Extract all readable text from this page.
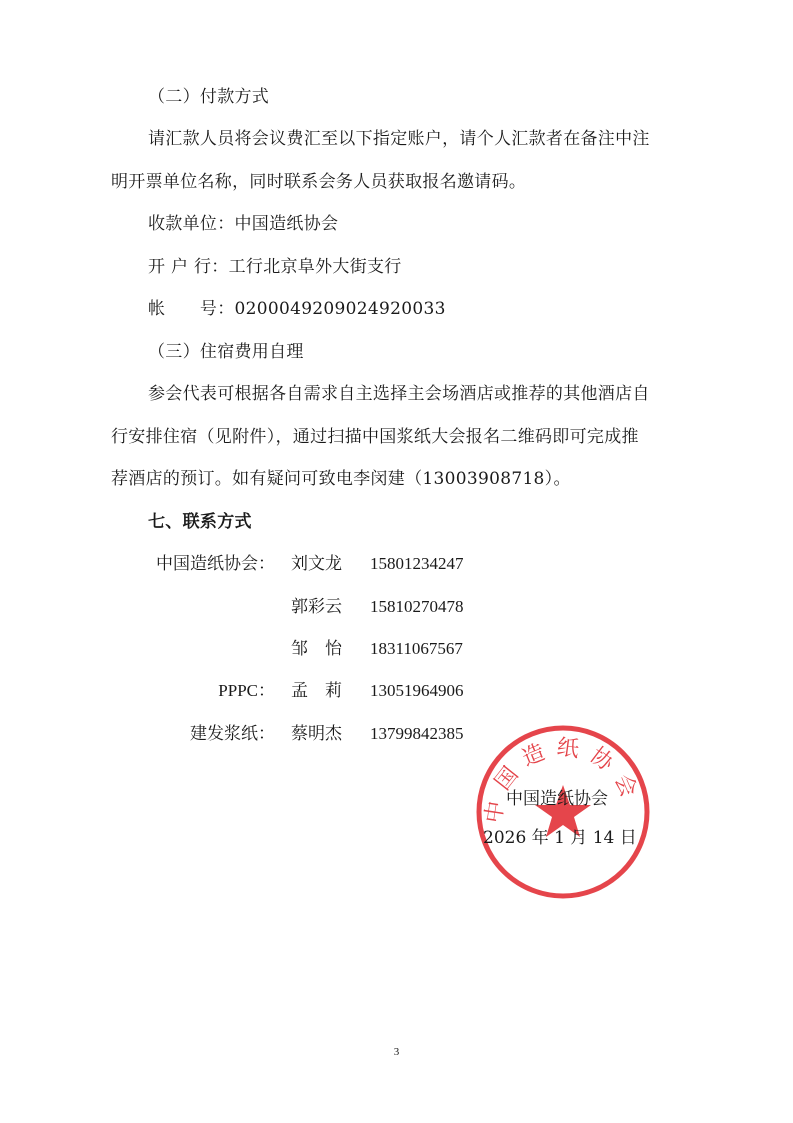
（二）付款方式
请汇款人员将会议费汇至以下指定账户，请个人汇款者在备注中注
明开票单位名称，同时联系会务人员获取报名邀请码。
收款单位：中国造纸协会
开 户 行：工行北京阜外大街支行
帐　　号：0200049209024920033
（三）住宿费用自理
参会代表可根据各自需求自主选择主会场酒店或推荐的其他酒店自
行安排住宿（见附件），通过扫描中国浆纸大会报名二维码即可完成推
荐酒店的预订。如有疑问可致电李闵建（13003908718）。
七、联系方式
中国造纸协会： 刘文龙 15801234247
郭彩云 15810270478
邹　怡 18311067567
PPPC： 孟　莉 13051964906
建发浆纸： 蔡明杰 13799842385
中国造纸协会
中国造纸协会
2026 年 1 月 14 日
3
